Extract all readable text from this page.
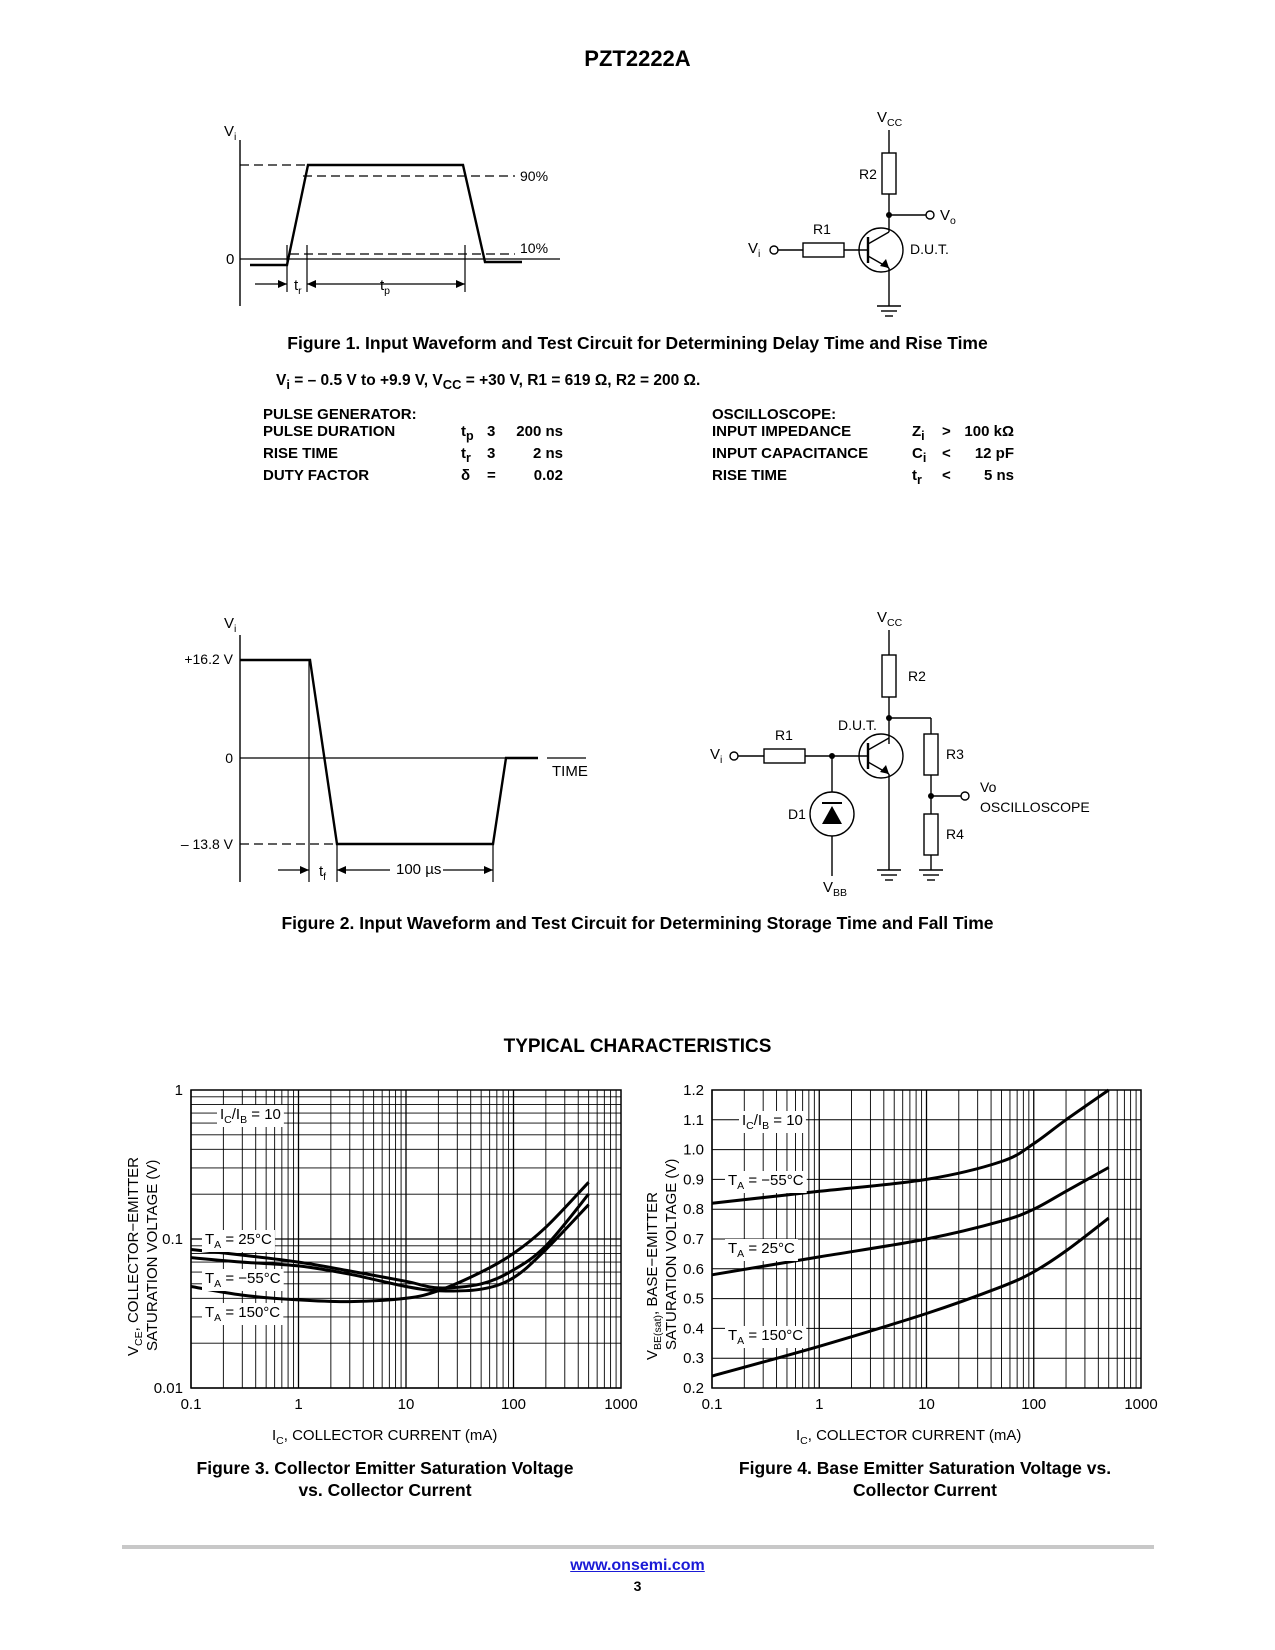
PZT2222A
$V_i$
0
90%
10%
$t_r$	$t_p$
$V_{CC}$
R2
$V_o$
R1
$V_i$	D.U.T.
Figure 1. Input Waveform and Test Circuit for Determining Delay Time and Rise Time
$V_i$ = – 0.5 V to +9.9 V, $V_{CC} = +30$ V, R1 = 619 Ω, R2 = 200 Ω.
PULSE GENERATOR:			
PULSE DURATION	$t_p$	3	200 ns
RISE TIME	$t_r$	3	2 ns
DUTY FACTOR	δ	=	0.02
OSCILLOSCOPE:			
INPUT IMPEDANCE	$Z_i$	>	100 kΩ
INPUT CAPACITANCE	$C_i$	<	12 pF
RISE TIME	$t_r$	<	5 ns
$V_i$
+16.2 V
0
– 13.8 V
TIME
$t_f$	100 µs
$V_{CC}$
R2
D.U.T.
R1
R3
R4
$V_i$
Vo
OSCILLOSCOPE
D1
$V_{BB}$
Figure 2. Input Waveform and Test Circuit for Determining Storage Time and Fall Time
TYPICAL CHARACTERISTICS
0.1	1	10	100	1000
0.01
0.1
1
$I_C/I_B = 10$
$T_A = 25^\circ C$
$T_A = -55^\circ C$
$T_A = 150^\circ C$
$I_C$, COLLECTOR CURRENT (mA)
$V_{CE}$, COLLECTOR−EMITTER SATURATION VOLTAGE (V)
0.1	1	10	100	1000
0.2
0.3
0.4
0.5
0.6
0.7
0.8
0.9
1.0
1.1
1.2
$I_C/I_B = 10$
$T_A = -55^\circ C$
$T_A = 25^\circ C$
$T_A = 150^\circ C$
$I_C$, COLLECTOR CURRENT (mA)
$V_{BE(sat)}$, BASE−EMITTER SATURATION VOLTAGE (V)
Figure 3. Collector Emitter Saturation Voltage
vs. Collector Current
Figure 4. Base Emitter Saturation Voltage vs.
Collector Current
www.onsemi.com
3
